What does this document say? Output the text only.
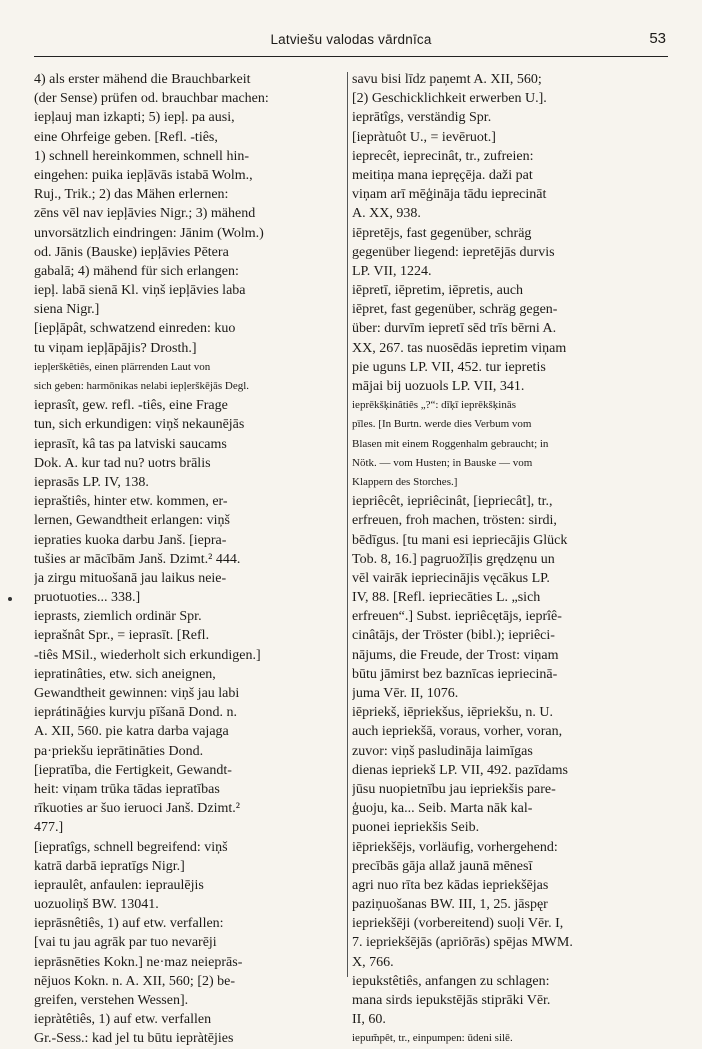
Latviešu valodas vārdnīca	53
4) als erster mähend die Brauchbarkeit
(der Sense) prüfen od. brauchbar machen:
iepļauj man izkapti; 5) iepļ. pa ausi,
eine Ohrfeige geben. [Refl. -tiês,
1) schnell hereinkommen, schnell hin-
eingehen: puika iepļāvās istabā Wolm.,
Ruj., Trik.; 2) das Mähen erlernen:
zēns vēl nav iepļāvies Nigr.; 3) mähend
unvorsätzlich eindringen: Jānim (Wolm.)
od. Jānis (Bauske) iepļāvies Pētera
gabalā; 4) mähend für sich erlangen:
iepļ. labā sienā Kl. viņš iepļāvies laba
siena Nigr.]
[iepļāpât, schwatzend einreden: kuo
tu viņam iepļāpājis? Drosth.]
iepļerškêtiês, einen plärrenden Laut von
sich geben: harmōnikas nelabi iepļerškējās Degl.
ieprasît, gew. refl. -tiês, eine Frage
tun, sich erkundigen: viņš nekaunējās
ieprasīt, kâ tas pa latviski saucams
Dok. A. kur tad nu? uotrs brālis
ieprasās LP. IV, 138.
iepraštiês, hinter etw. kommen, er-
lernen, Gewandtheit erlangen: viņš
iepraties kuoka darbu Janš. [iepra-
tušies ar mācībām Janš. Dzimt.² 444.
ja zirgu mituošanā jau laikus neie-
pruotuoties... 338.]
ieprasts, ziemlich ordinär Spr.
ieprašnât Spr., = ieprasīt. [Refl.
-tiês MSil., wiederholt sich erkundigen.]
iepratinâties, etw. sich aneignen,
Gewandtheit gewinnen: viņš jau labi
ieprátināģies kurvju pīšanā Dond. n.
A. XII, 560. pie katra darba vajaga
pa·priekšu ieprātināties Dond.
[iepratība, die Fertigkeit, Gewandt-
heit: viņam trūka tādas iepratības
rīkuoties ar šuo ieruoci Janš. Dzimt.²
477.]
[iepratîgs, schnell begreifend: viņš
katrā darbā ieprаtīgs Nigr.]
iepraulêt, anfaulen: iepraulējis
uozuoliņš BW. 13041.
ieprāsnêtiês, 1) auf etw. verfallen:
[vai tu jau agrāk par tuo nevarēji
ieprāsnēties Kokn.] ne·maz neieprās-
nējuos Kokn. n. A. XII, 560; [2) be-
greifen, verstehen Wessen].
iepràtêtiês, 1) auf etw. verfallen
Gr.-Sess.: kad jel tu būtu iepràtējies
savu bisi līdz paņemt A. XII, 560;
[2) Geschicklichkeit erwerben U.].
ieprātîgs, verständig Spr.
[iepràtuôt U., = ievēruot.]
ieprecêt, ieprecinât, tr., zufreien:
meitiņa mana iepręçēja. daži pat
viņam arī mēģināja tādu ieprecināt
A. XX, 938.
iēpretējs, fast gegenüber, schräg
gegenüber liegend: iepretējās durvis
LP. VII, 1224.
iēpretī, iēpretim, iēpretis, auch
iēpret, fast gegenüber, schräg gegen-
über: durvīm iepretī sēd trīs bērni A.
XX, 267. tas nuosēdās iepretim viņam
pie uguns LP. VII, 452. tur iepretis
mājai bij uozuols LP. VII, 341.
ieprēkšķinâtiês „?“: dīķī ieprēkšķinās
pīles. [In Burtn. werde dies Verbum vom
Blasen mit einem Roggenhalm gebraucht; in
Nötk. — vom Husten; in Bauske — vom
Klappern des Storches.]
iepriêcêt, iepriêcinât, [iepriecât], tr.,
erfreuen, froh machen, trösten: sirdi,
bēdīgus. [tu mani esi iepriecājis Glück
Tob. 8, 16.] pagruožīļis grędzęnu un
vēl vairāk iepriecinājis vęcākus LP.
IV, 88. [Refl. iepriecāties L. „sich
erfreuen“.] Subst. iepriêcętājs, ieprîê-
cinâtājs, der Tröster (bibl.); iepriêci-
nājums, die Freude, der Trost: viņam
būtu jāmirst bez baznīcas iepriecinā-
juma Vēr. II, 1076.
iēpriekš, iēpriekšus, iēpriekšu, n. U.
auch iepriekšā, voraus, vorher, voran,
zuvor: viņš pasludināja laimīgas
dienas iepriekš LP. VII, 492. pazīdams
jūsu nuopietnību jau iepriekšis pare-
ģuoju, ka... Seib. Marta nāk kal-
puonei iepriekšis Seib.
iēpriekšējs, vorläufig, vorhergehend:
precībās gāja allaž jaunā mēnesī
agri nuo rīta bez kādas iepriekšējas
paziņuošanas BW. III, 1, 25. jāspęr
iepriekšēji (vorbereitend) suoļi Vēr. I,
7. iepriekšējās (apriōrās) spējas MWM.
X, 766.
iepukstêtiês, anfangen zu schlagen:
mana sirds iepukstējās stiprāki Vēr.
II, 60.
iepum̃pêt, tr., einpumpen: ūdeni silē.
